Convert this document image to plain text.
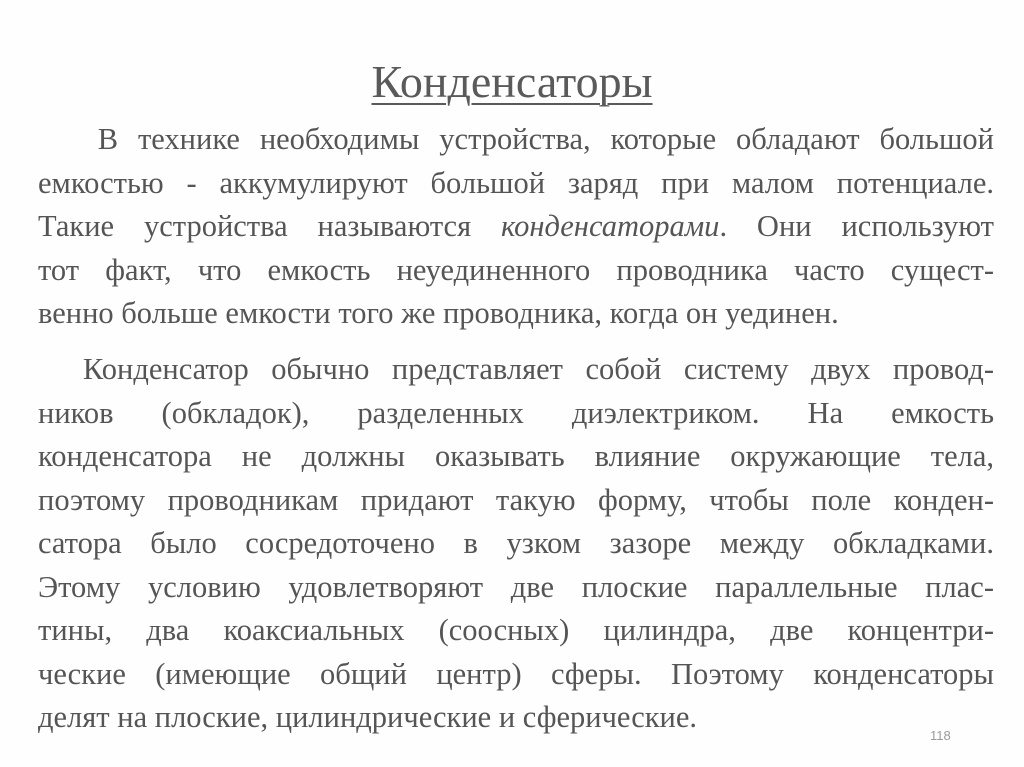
Конденсаторы

В технике необходимы устройства, которые обладают большой
емкостью - аккумулируют большой заряд при малом потенциале.
Такие устройства называются конденсаторами. Они используют
тот факт, что емкость неуединенного проводника часто сущест-
венно больше емкости того же проводника, когда он уединен.

Конденсатор обычно представляет собой систему двух провод-
ников (обкладок), разделенных диэлектриком. На емкость
конденсатора не должны оказывать влияние окружающие тела,
поэтому проводникам придают такую форму, чтобы поле конден-
сатора было сосредоточено в узком зазоре между обкладками.
Этому условию удовлетворяют две плоские параллельные плас-
тины, два коаксиальных (соосных) цилиндра, две концентри-
ческие (имеющие общий центр) сферы. Поэтому конденсаторы
делят на плоские, цилиндрические и сферические.

118
